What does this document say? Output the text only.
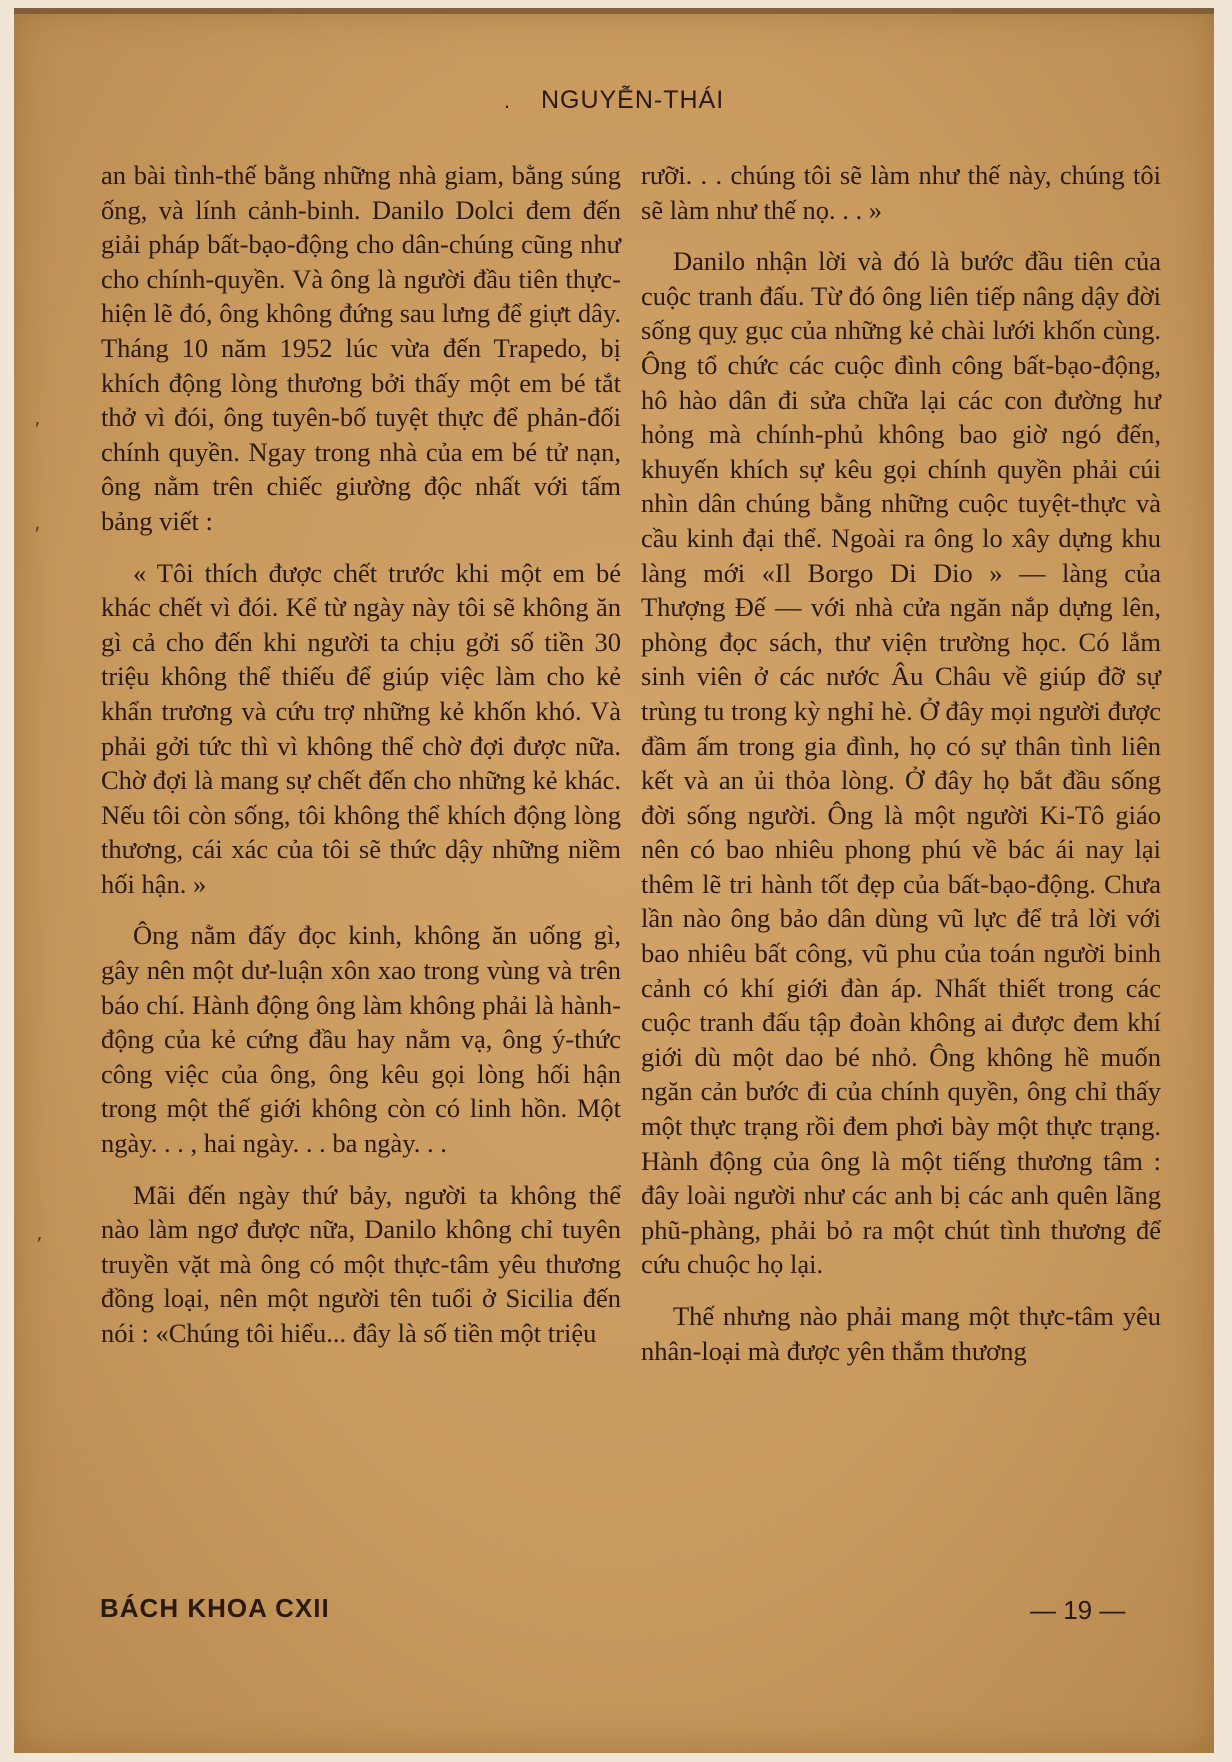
. NGUYỄN-THÁI

an bài tình-thế bằng những nhà giam, bằng súng ống, và lính cảnh-binh. Danilo Dolci đem đến giải pháp bất-bạo-động cho dân-chúng cũng như cho chính-quyền. Và ông là người đầu tiên thực-hiện lẽ đó, ông không đứng sau lưng để giựt dây. Tháng 10 năm 1952 lúc vừa đến Trapedo, bị khích động lòng thương bởi thấy một em bé tắt thở vì đói, ông tuyên-bố tuyệt thực để phản-đối chính quyền. Ngay trong nhà của em bé tử nạn, ông nằm trên chiếc giường độc nhất với tấm bảng viết :

« Tôi thích được chết trước khi một em bé khác chết vì đói. Kể từ ngày này tôi sẽ không ăn gì cả cho đến khi người ta chịu gởi số tiền 30 triệu không thể thiếu để giúp việc làm cho kẻ khẩn trương và cứu trợ những kẻ khốn khó. Và phải gởi tức thì vì không thể chờ đợi được nữa. Chờ đợi là mang sự chết đến cho những kẻ khác. Nếu tôi còn sống, tôi không thể khích động lòng thương, cái xác của tôi sẽ thức dậy những niềm hối hận. »

Ông nằm đấy đọc kinh, không ăn uống gì, gây nên một dư-luận xôn xao trong vùng và trên báo chí. Hành động ông làm không phải là hành-động của kẻ cứng đầu hay nằm vạ, ông ý-thức công việc của ông, ông kêu gọi lòng hối hận trong một thế giới không còn có linh hồn. Một ngày. . . , hai ngày. . . ba ngày. . .

Mãi đến ngày thứ bảy, người ta không thể nào làm ngơ được nữa, Danilo không chỉ tuyên truyền vặt mà ông có một thực-tâm yêu thương đồng loại, nên một người tên tuổi ở Sicilia đến nói : «Chúng tôi hiểu... đây là số tiền một triệu

rưỡi. . . chúng tôi sẽ làm như thế này, chúng tôi sẽ làm như thế nọ. . . »

Danilo nhận lời và đó là bước đầu tiên của cuộc tranh đấu. Từ đó ông liên tiếp nâng dậy đời sống quỵ gục của những kẻ chài lưới khốn cùng. Ông tổ chức các cuộc đình công bất-bạo-động, hô hào dân đi sửa chữa lại các con đường hư hỏng mà chính-phủ không bao giờ ngó đến, khuyến khích sự kêu gọi chính quyền phải cúi nhìn dân chúng bằng những cuộc tuyệt-thực và cầu kinh đại thể. Ngoài ra ông lo xây dựng khu làng mới «Il Borgo Di Dio » — làng của Thượng Đế — với nhà cửa ngăn nắp dựng lên, phòng đọc sách, thư viện trường học. Có lắm sinh viên ở các nước Âu Châu về giúp đỡ sự trùng tu trong kỳ nghỉ hè. Ở đây mọi người được đầm ấm trong gia đình, họ có sự thân tình liên kết và an ủi thỏa lòng. Ở đây họ bắt đầu sống đời sống người. Ông là một người Ki-Tô giáo nên có bao nhiêu phong phú về bác ái nay lại thêm lẽ tri hành tốt đẹp của bất-bạo-động. Chưa lần nào ông bảo dân dùng vũ lực để trả lời với bao nhiêu bất công, vũ phu của toán người binh cảnh có khí giới đàn áp. Nhất thiết trong các cuộc tranh đấu tập đoàn không ai được đem khí giới dù một dao bé nhỏ. Ông không hề muốn ngăn cản bước đi của chính quyền, ông chỉ thấy một thực trạng rồi đem phơi bày một thực trạng. Hành động của ông là một tiếng thương tâm : đây loài người như các anh bị các anh quên lãng phũ-phàng, phải bỏ ra một chút tình thương để cứu chuộc họ lại.

Thế nhưng nào phải mang một thực-tâm yêu nhân-loại mà được yên thắm thương

BÁCH KHOA CXII	— 19 —
’
‚
’
